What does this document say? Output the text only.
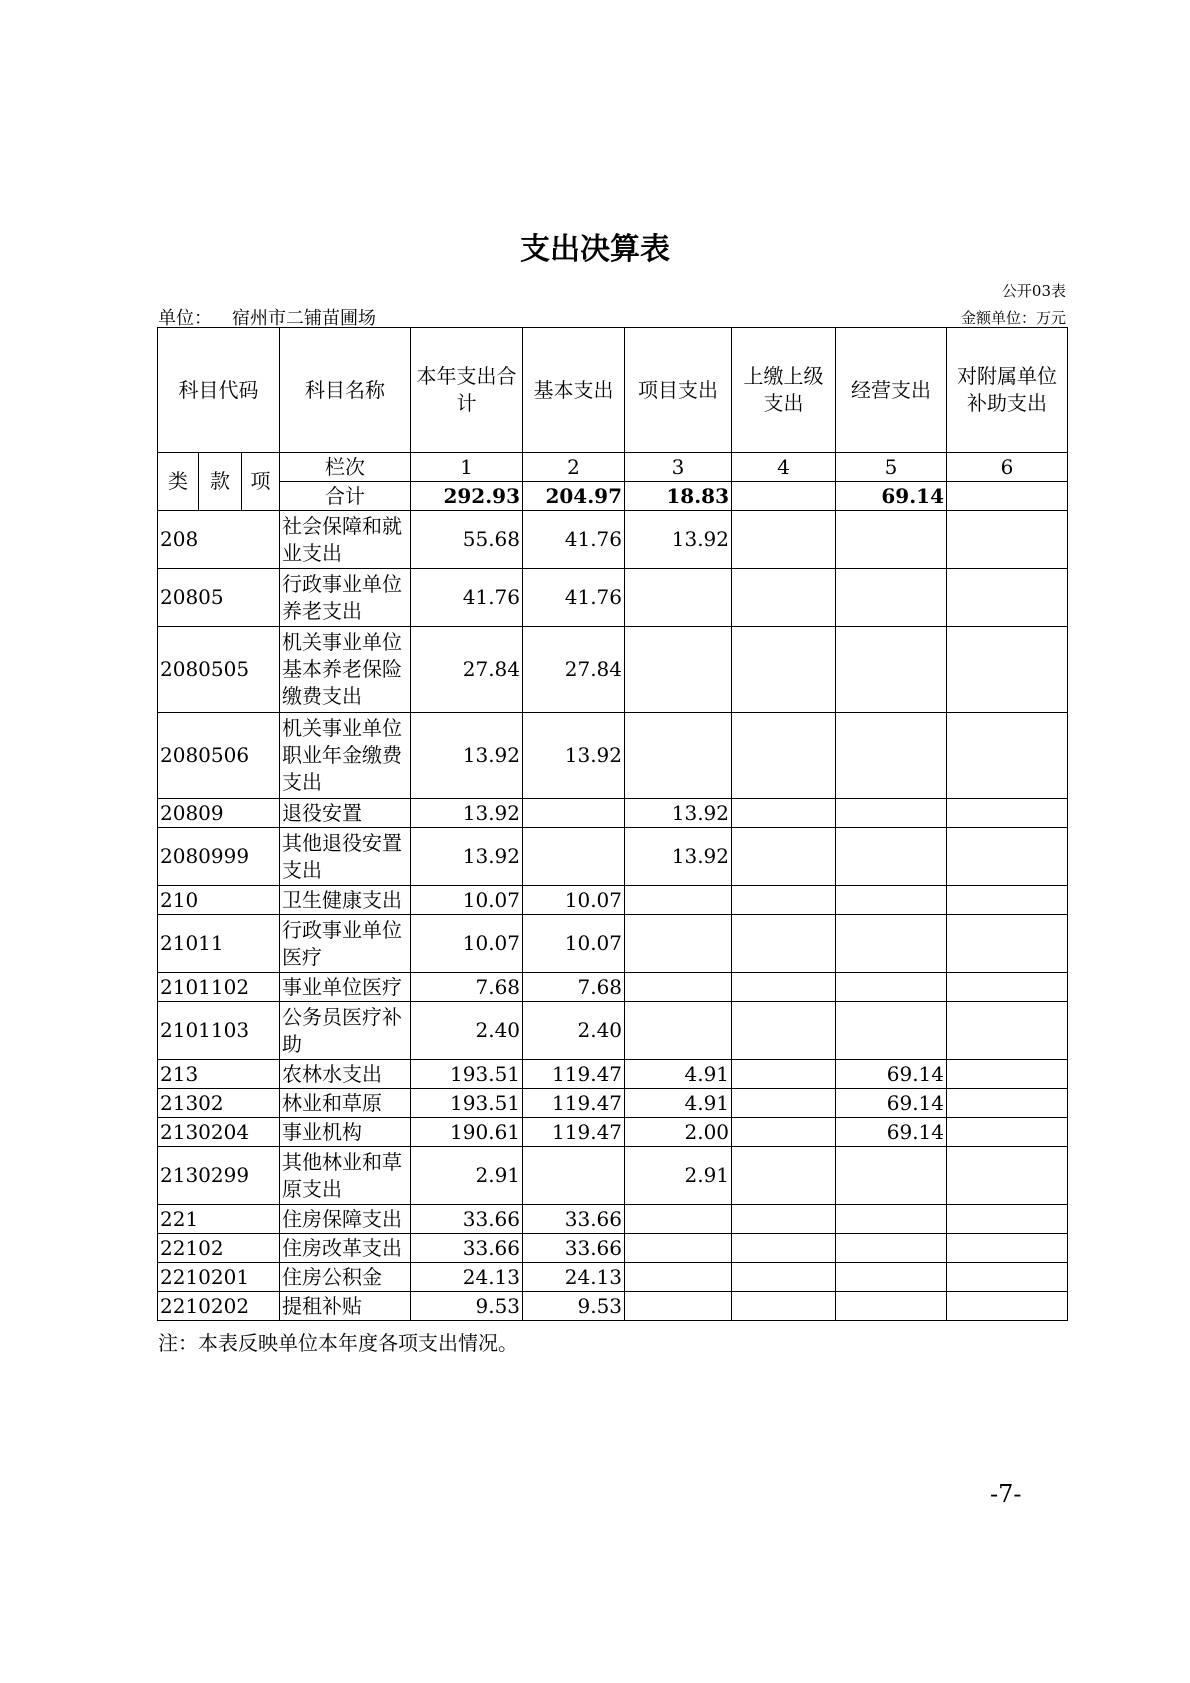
支出决算表
公开03表
单位： 宿州市二铺苗圃场	金额单位：万元
科目代码			科目名称	本年支出合计	基本支出	项目支出	上缴上级支出	经营支出	对附属单位补助支出
类	款	项	栏次	1	2	3	4	5	6
			合计	292.93	204.97	18.83		69.14	
208			社会保障和就业支出	55.68	41.76	13.92			
20805			行政事业单位养老支出	41.76	41.76				
2080505			机关事业单位基本养老保险缴费支出	27.84	27.84				
2080506			机关事业单位职业年金缴费支出	13.92	13.92				
20809			退役安置	13.92		13.92			
2080999			其他退役安置支出	13.92		13.92			
210			卫生健康支出	10.07	10.07				
21011			行政事业单位医疗	10.07	10.07				
2101102			事业单位医疗	7.68	7.68				
2101103			公务员医疗补助	2.40	2.40				
213			农林水支出	193.51	119.47	4.91		69.14	
21302			林业和草原	193.51	119.47	4.91		69.14	
2130204			事业机构	190.61	119.47	2.00		69.14	
2130299			其他林业和草原支出	2.91		2.91			
221			住房保障支出	33.66	33.66				
22102			住房改革支出	33.66	33.66				
2210201			住房公积金	24.13	24.13				
2210202			提租补贴	9.53	9.53				
注：本表反映单位本年度各项支出情况。
-7-
